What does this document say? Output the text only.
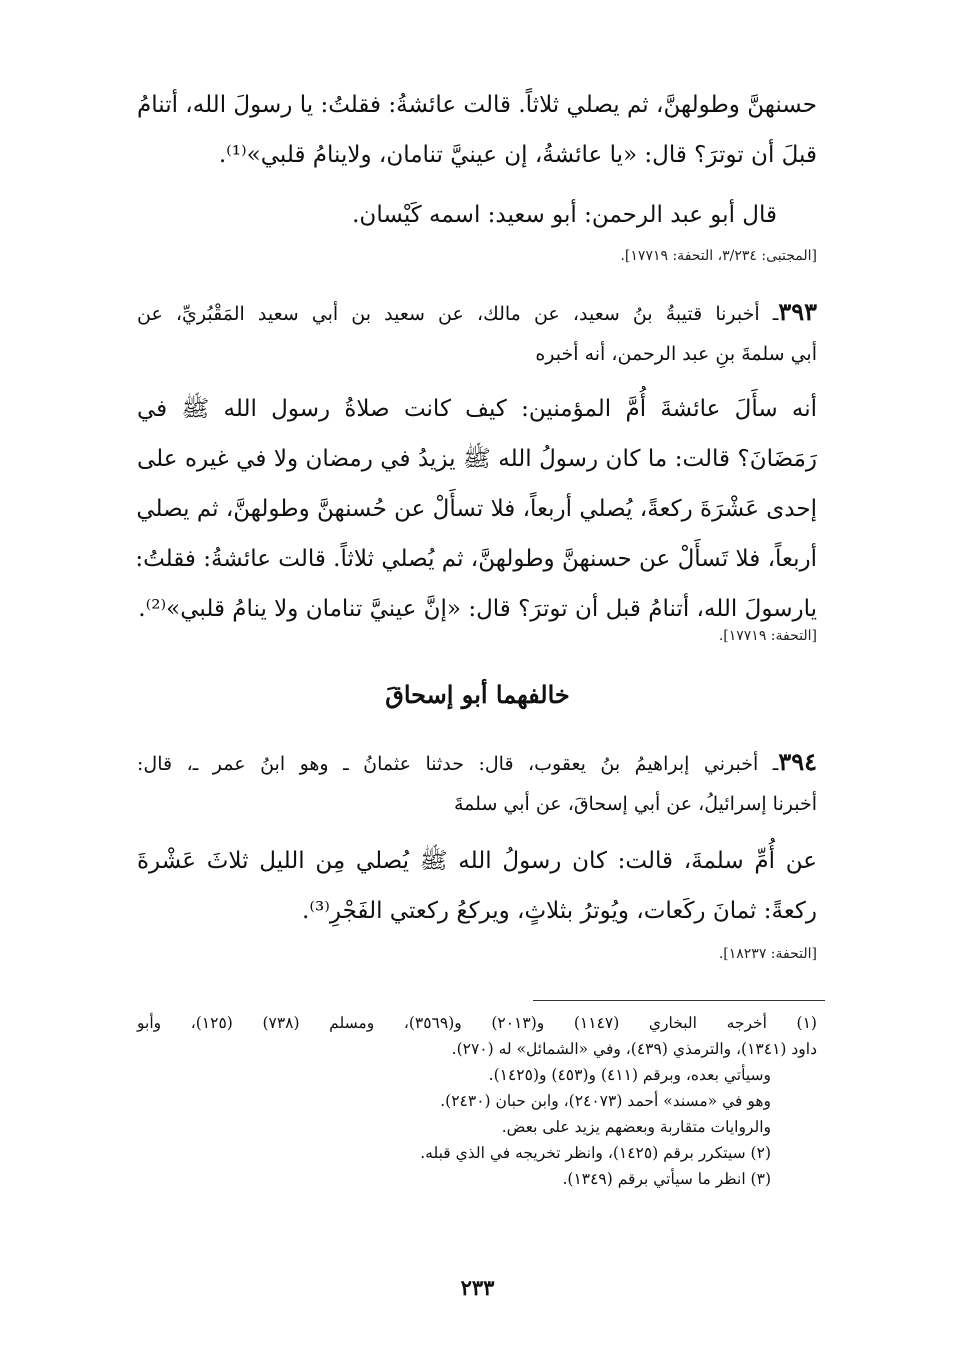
حسنهنَّ وطولهنَّ، ثم يصلي ثلاثاً. قالت عائشةُ: فقلتُ: يا رسولَ الله، أتنامُ
قبلَ أن توترَ؟ قال: «يا عائشةُ، إن عينيَّ تنامان، ولاينامُ قلبي»⁽¹⁾.
قال أبو عبد الرحمن: أبو سعيد: اسمه كَيْسان.
[المجتبى: ٣/٢٣٤، التحفة: ١٧٧١٩].
٣٩٣ـ أخبرنا قتيبةُ بنُ سعيد، عن مالك، عن سعيد بن أبي سعيد المَقْبُريِّ، عن
أبي سلمةَ بنِ عبد الرحمن، أنه أخبره
أنه سأَلَ عائشةَ أُمَّ المؤمنين: كيف كانت صلاةُ رسول الله ﷺ في
رَمَضَانَ؟ قالت: ما كان رسولُ الله ﷺ يزيدُ في رمضان ولا في غيره على
إحدى عَشْرَةَ ركعةً، يُصلي أربعاً، فلا تسأَلْ عن حُسنهنَّ وطولهنَّ، ثم يصلي
أربعاً، فلا تَسأَلْ عن حسنهنَّ وطولهنَّ، ثم يُصلي ثلاثاً. قالت عائشةُ: فقلتُ:
يارسولَ الله، أتنامُ قبل أن توترَ؟ قال: «إنَّ عينيَّ تنامان ولا ينامُ قلبي»⁽²⁾.
[التحفة: ١٧٧١٩].
خالفهما أبو إسحاقَ
٣٩٤ـ أخبرني إبراهيمُ بنُ يعقوب، قال: حدثنا عثمانُ ـ وهو ابنُ عمر ـ، قال:
أخبرنا إسرائيلُ، عن أبي إسحاقَ، عن أبي سلمةَ
عن أُمِّ سلمةَ، قالت: كان رسولُ الله ﷺ يُصلي مِن الليل ثلاثَ عَشْرةَ
ركعةً: ثمانَ ركَعات، ويُوترُ بثلاثٍ، ويركعُ ركعتي الفَجْرِ⁽³⁾.
[التحفة: ١٨٢٣٧].
(١) أخرجه البخاري (١١٤٧) و(٢٠١٣) و(٣٥٦٩)، ومسلم (٧٣٨) (١٢٥)، وأبو
داود (١٣٤١)، والترمذي (٤٣٩)، وفي «الشمائل» له (٢٧٠).
وسيأتي بعده، وبرقم (٤١١) و(٤٥٣) و(١٤٢٥).
وهو في «مسند» أحمد (٢٤٠٧٣)، وابن حبان (٢٤٣٠).
والروايات متقاربة وبعضهم يزيد على بعض.
(٢) سيتكرر برقم (١٤٢٥)، وانظر تخريجه في الذي قبله.
(٣) انظر ما سيأتي برقم (١٣٤٩).
٢٣٣
